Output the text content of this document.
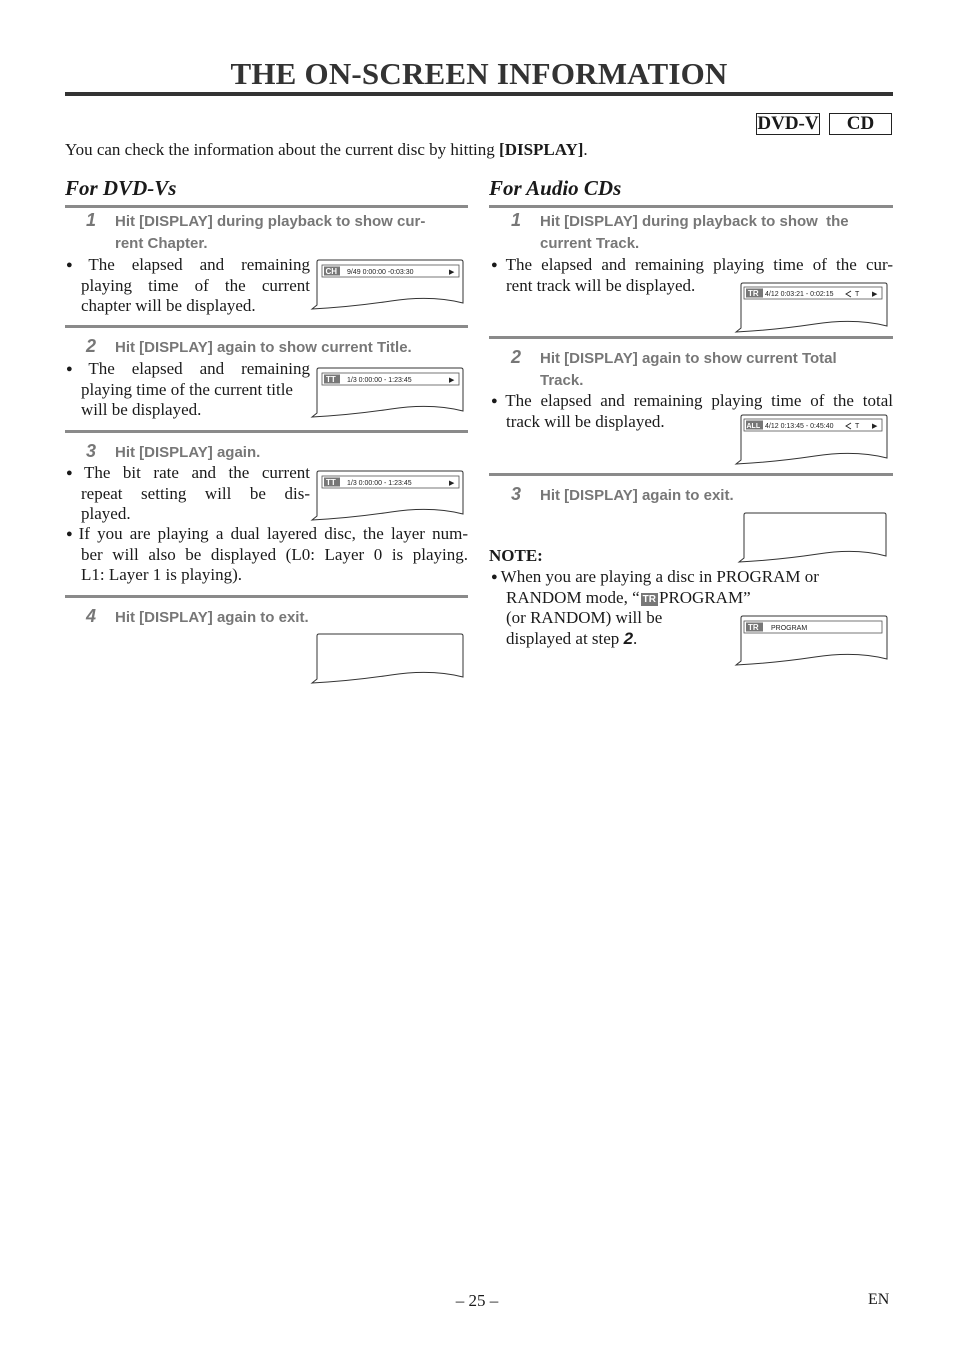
THE ON-SCREEN INFORMATION
DVD-V	CD
You can check the information about the current disc by hitting [DISPLAY].
For DVD-Vs
1 Hit [DISPLAY] during playback to show cur-
rent Chapter.
● The elapsed and remaining
playing time of the current
chapter will be displayed.
CH 9/49 0:00:00 -0:03:30	▶
2 Hit [DISPLAY] again to show current Title.
● The elapsed and remaining
playing time of the current title
will be displayed.
TT 1/3 0:00:00 - 1:23:45	▶
3 Hit [DISPLAY] again.
● The bit rate and the current
repeat setting will be dis-
played.
TT 1/3 0:00:00 - 1:23:45	▶
● If you are playing a dual layered disc, the layer num-
ber will also be displayed (L0: Layer 0 is playing.
L1: Layer 1 is playing).
4 Hit [DISPLAY] again to exit.
For Audio CDs
1 Hit [DISPLAY] during playback to show  the
current Track.
● The elapsed and remaining playing time of the cur-
rent track will be displayed.	TR 4/12 0:03:21 - 0:02:15	T ▶
2 Hit [DISPLAY] again to show current Total
Track.
● The elapsed and remaining playing time of the total
track will be displayed.	ALL 4/12 0:13:45 - 0:45:40	T ▶
3 Hit [DISPLAY] again to exit.
NOTE:
● When you are playing a disc in PROGRAM or
RANDOM mode, “ TR PROGRAM”
(or RANDOM) will be
displayed at step 2.
TR PROGRAM
– 25 –	EN
